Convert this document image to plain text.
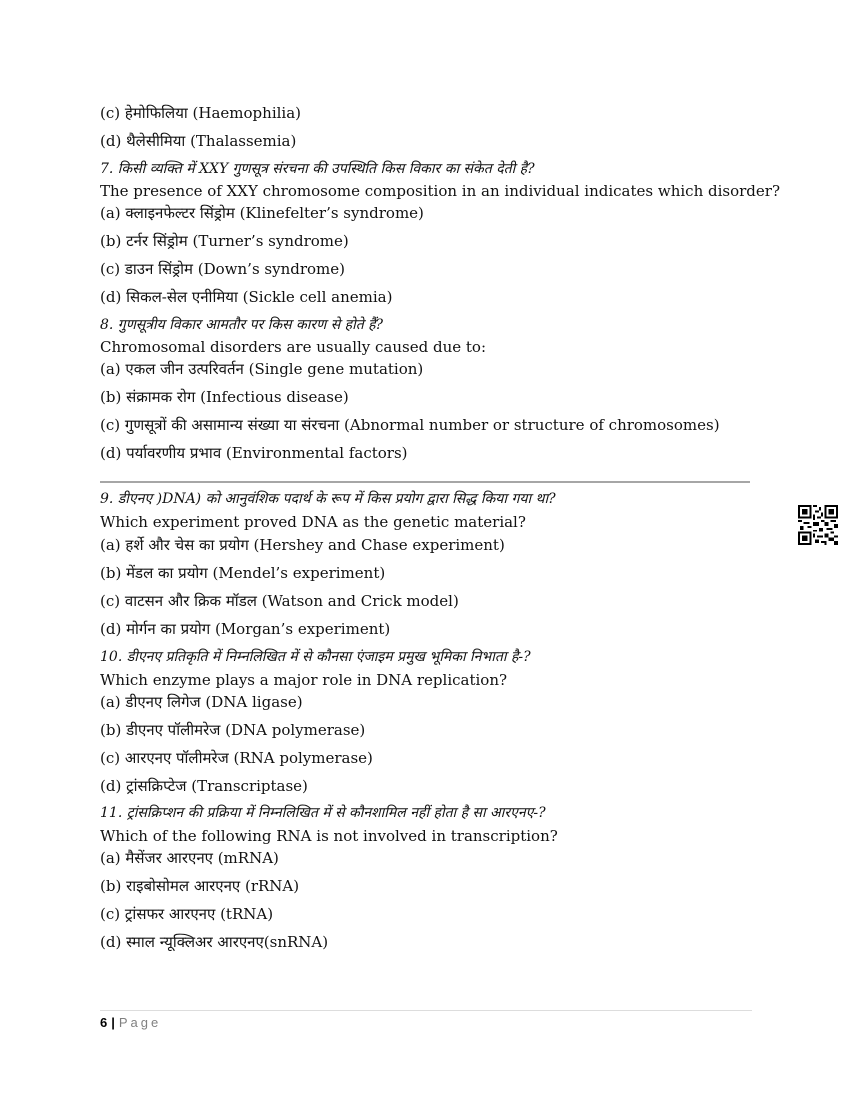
(c) हेमोफिलिया (Haemophilia)
(d) थैलेसीमिया (Thalassemia)
7. किसी व्यक्ति में XXY गुणसूत्र संरचना की उपस्थिति किस विकार का संकेत देती है?
The presence of XXY chromosome composition in an individual indicates which disorder?
(a) क्लाइनफेल्टर सिंड्रोम (Klinefelter’s syndrome)
(b) टर्नर सिंड्रोम (Turner’s syndrome)
(c) डाउन सिंड्रोम (Down’s syndrome)
(d) सिकल-सेल एनीमिया (Sickle cell anemia)
8. गुणसूत्रीय विकार आमतौर पर किस कारण से होते हैं?
Chromosomal disorders are usually caused due to:
(a) एकल जीन उत्परिवर्तन (Single gene mutation)
(b) संक्रामक रोग (Infectious disease)
(c) गुणसूत्रों की असामान्य संख्या या संरचना (Abnormal number or structure of chromosomes)
(d) पर्यावरणीय प्रभाव (Environmental factors)
9. डीएनए )DNA) को आनुवंशिक पदार्थ के रूप में किस प्रयोग द्वारा सिद्ध किया गया था?
Which experiment proved DNA as the genetic material?
(a) हर्शे और चेस का प्रयोग (Hershey and Chase experiment)
(b) मेंडल का प्रयोग (Mendel’s experiment)
(c) वाटसन और क्रिक मॉडल (Watson and Crick model)
(d) मोर्गन का प्रयोग (Morgan’s experiment)
10. डीएनए प्रतिकृति में निम्नलिखित में से कौनसा एंजाइम प्रमुख भूमिका निभाता है-?
Which enzyme plays a major role in DNA replication?
(a) डीएनए लिगेज (DNA ligase)
(b) डीएनए पॉलीमरेज (DNA polymerase)
(c) आरएनए पॉलीमरेज (RNA polymerase)
(d) ट्रांसक्रिप्टेज (Transcriptase)
11. ट्रांसक्रिप्शन की प्रक्रिया में निम्नलिखित में से कौनशामिल नहीं होता है सा आरएनए-?
Which of the following RNA is not involved in transcription?
(a) मैसेंजर आरएनए (mRNA)
(b) राइबोसोमल आरएनए (rRNA)
(c) ट्रांसफर आरएनए (tRNA)
(d) स्माल न्यूक्लिअर आरएनए(snRNA)
6 | Page
